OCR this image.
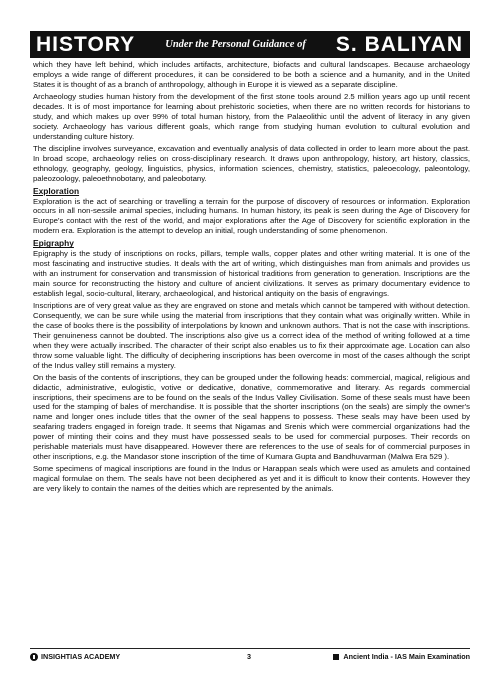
HISTORY	Under the Personal Guidance of	S. BALIYAN

which they have left behind, which includes artifacts, architecture, biofacts and cultural landscapes. Because archaeology employs a wide range of different procedures, it can be considered to be both a science and a humanity, and in the United States it is thought of as a branch of anthropology, although in Europe it is viewed as a separate discipline.

Archaeology studies human history from the development of the first stone tools around 2.5 million years ago up until recent decades. It is of most importance for learning about prehistoric societies, when there are no written records for historians to study, and which makes up over 99% of total human history, from the Palaeolithic until the advent of literacy in any given society. Archaeology has various different goals, which range from studying human evolution to cultural evolution and understanding culture history.

The discipline involves surveyance, excavation and eventually analysis of data collected in order to learn more about the past. In broad scope, archaeology relies on cross-disciplinary research. It draws upon anthropology, history, art history, classics, ethnology, geography, geology, linguistics, physics, information sciences, chemistry, statistics, paleoecology, paleontology, paleozoology, paleoethnobotany, and paleobotany.

Exploration

Exploration is the act of searching or travelling a terrain for the purpose of discovery of resources or information. Exploration occurs in all non-sessile animal species, including humans. In human history, its peak is seen during the Age of Discovery for Europe's contact with the rest of the world, and major explorations after the Age of Discovery for scientific exploration in the modern era. Exploration is the attempt to develop an initial, rough understanding of some phenomenon.

Epigraphy

Epigraphy is the study of inscriptions on rocks, pillars, temple walls, copper plates and other writing material. It is one of the most fascinating and instructive studies. It deals with the art of writing, which distinguishes man from animals and provides us with an instrument for conservation and transmission of historical traditions from generation to generation. Inscriptions are the main source for reconstructing the history and culture of ancient civilizations. It serves as primary documentary evidence to establish legal, socio-cultural, literary, archaeological, and historical antiquity on the basis of engravings.

Inscriptions are of very great value as they are engraved on stone and metals which cannot be tampered with without detection. Consequently, we can be sure while using the material from inscriptions that they contain what was originally written. While in the case of books there is the possibility of interpolations by known and unknown authors. That is not the case with inscriptions. Their genuineness cannot be doubted. The inscriptions also give us a correct idea of the method of writing followed at a time when they were actually inscribed. The character of their script also enables us to fix their approximate age. Location can also throw some valuable light. The difficulty of deciphering inscriptions has been overcome in most of the cases although the script of the Indus valley still remains a mystery.

On the basis of the contents of inscriptions, they can be grouped under the following heads: commercial, magical, religious and didactic, administrative, eulogistic, votive or dedicative, donative, commemorative and literary. As regards commercial inscriptions, their specimens are to be found on the seals of the Indus Valley Civilisation. Some of these seals must have been used for the stamping of bales of merchandise. It is possible that the shorter inscriptions (on the seals) are simply the owner's name and longer ones include titles that the owner of the seal happens to possess. These seals may have been used by seafaring traders engaged in foreign trade. It seems that Nigamas and Srenis which were commercial organizations had the power of minting their coins and they must have possessed seals to be used for commercial purposes. Their records on perishable materials must have disappeared. However there are references to the use of seals for of commercial purposes in other inscriptions, e.g. the Mandasor stone inscription of the time of Kumara Gupta and Bandhuvarman (Malwa Era 529 ).

Some specimens of magical inscriptions are found in the Indus or Harappan seals which were used as amulets and contained magical formulae on them. The seals have not been deciphered as yet and it is difficult to know their contents. However they are very likely to contain the names of the deities which are represented by the animals.

INSIGHTIAS ACADEMY	3	Ancient India - IAS Main Examination
